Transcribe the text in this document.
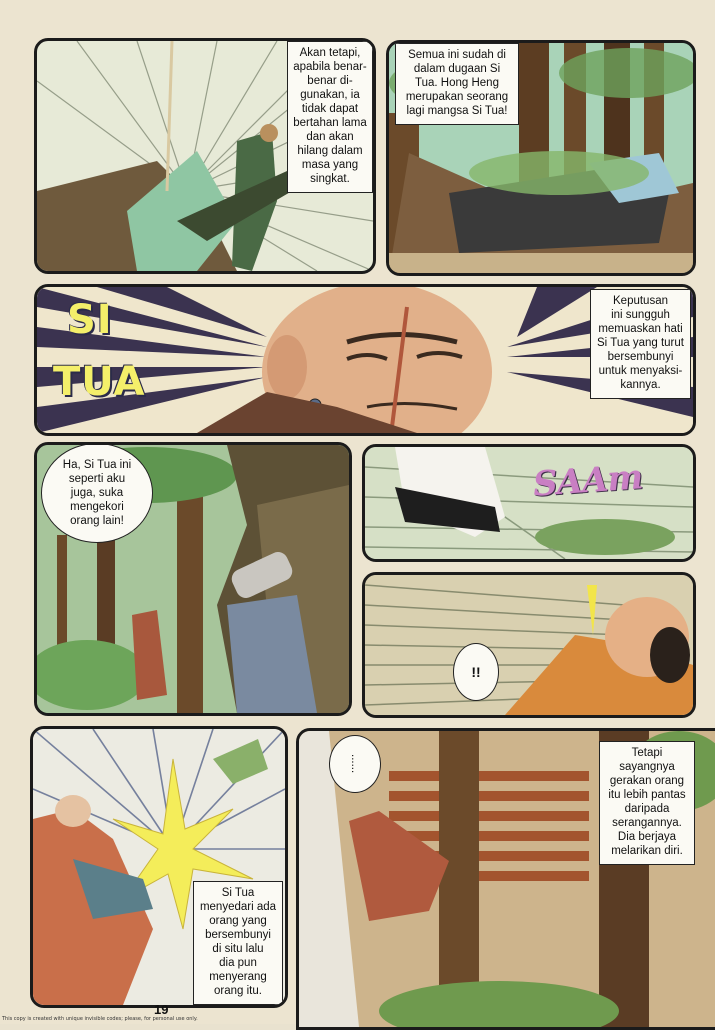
Akan tetapi,
apabila benar-
benar di-
gunakan, ia
tidak dapat
bertahan lama
dan akan
hilang dalam
masa yang
singkat.
Semua ini sudah di
dalam dugaan Si
Tua. Hong Heng
merupakan seorang
lagi mangsa Si Tua!
SI
TUA
Keputusan
ini sungguh
memuaskan hati
Si Tua yang turut
bersembunyi
untuk menyaksi-
kannya.
Ha, Si Tua ini
seperti aku
juga, suka
mengekori
orang lain!
SAAm
!!
Si Tua
menyedari ada
orang yang
bersembunyi
di situ lalu
dia pun
menyerang
orang itu.
......
Tetapi
sayangnya
gerakan orang
itu lebih pantas
daripada
serangannya.
Dia berjaya
melarikan diri.
19
This copy is created with unique invisible codes; please, for personal use only.
